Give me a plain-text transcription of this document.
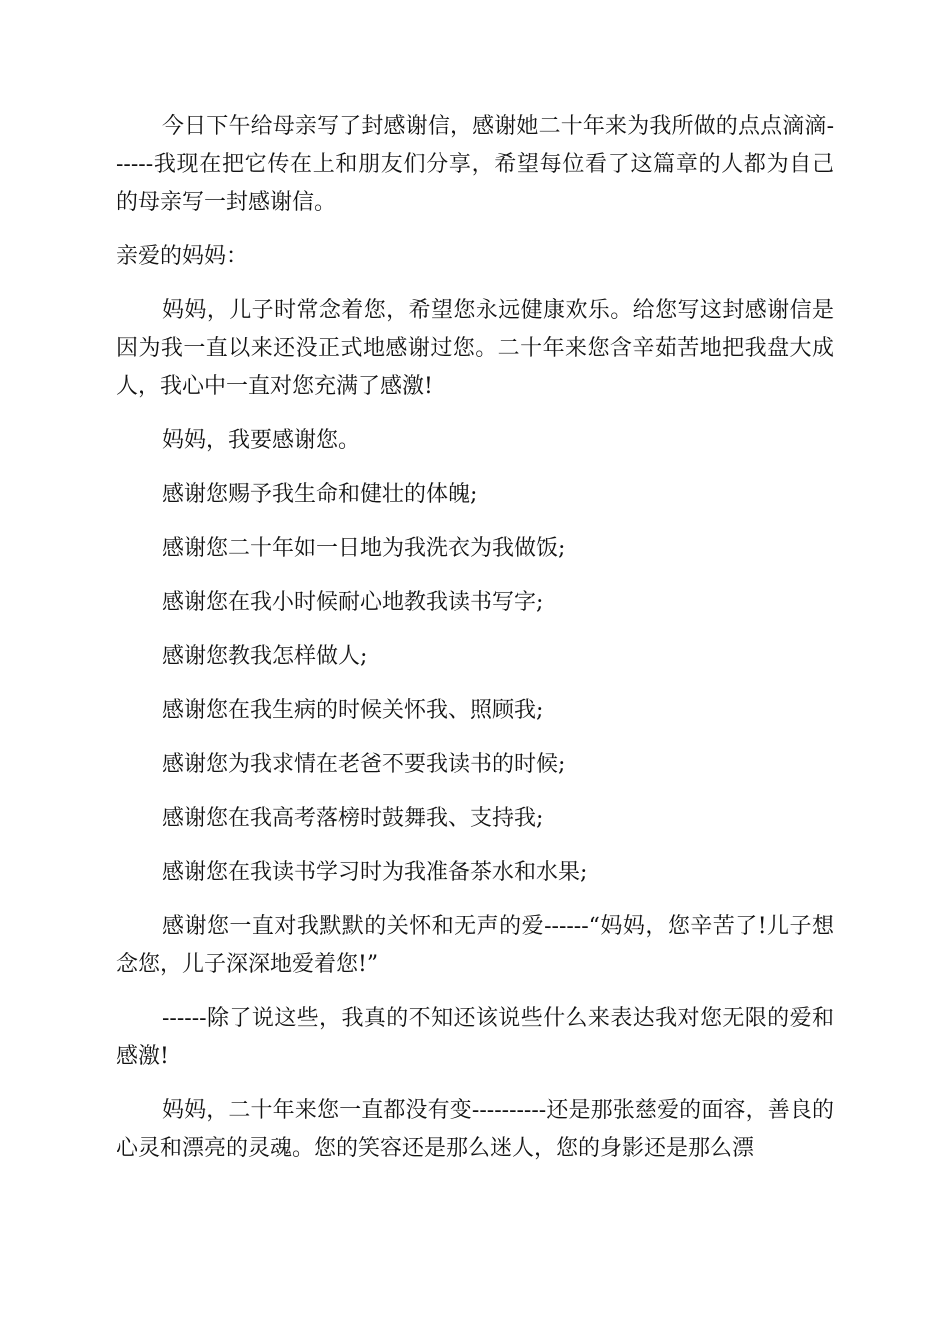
今日下午给母亲写了封感谢信，感谢她二十年来为我所做的点点滴滴------我现在把它传在上和朋友们分享，希望每位看了这篇章的人都为自己的母亲写一封感谢信。

亲爱的妈妈：

妈妈，儿子时常念着您，希望您永远健康欢乐。给您写这封感谢信是因为我一直以来还没正式地感谢过您。二十年来您含辛茹苦地把我盘大成人，我心中一直对您充满了感激!

妈妈，我要感谢您。

感谢您赐予我生命和健壮的体魄;

感谢您二十年如一日地为我洗衣为我做饭;

感谢您在我小时候耐心地教我读书写字;

感谢您教我怎样做人;

感谢您在我生病的时候关怀我、照顾我;

感谢您为我求情在老爸不要我读书的时候;

感谢您在我高考落榜时鼓舞我、支持我;

感谢您在我读书学习时为我准备茶水和水果;

感谢您一直对我默默的关怀和无声的爱------“妈妈，您辛苦了!儿子想念您，儿子深深地爱着您!”

------除了说这些，我真的不知还该说些什么来表达我对您无限的爱和感激!

妈妈，二十年来您一直都没有变----------还是那张慈爱的面容，善良的心灵和漂亮的灵魂。您的笑容还是那么迷人，您的身影还是那么漂
